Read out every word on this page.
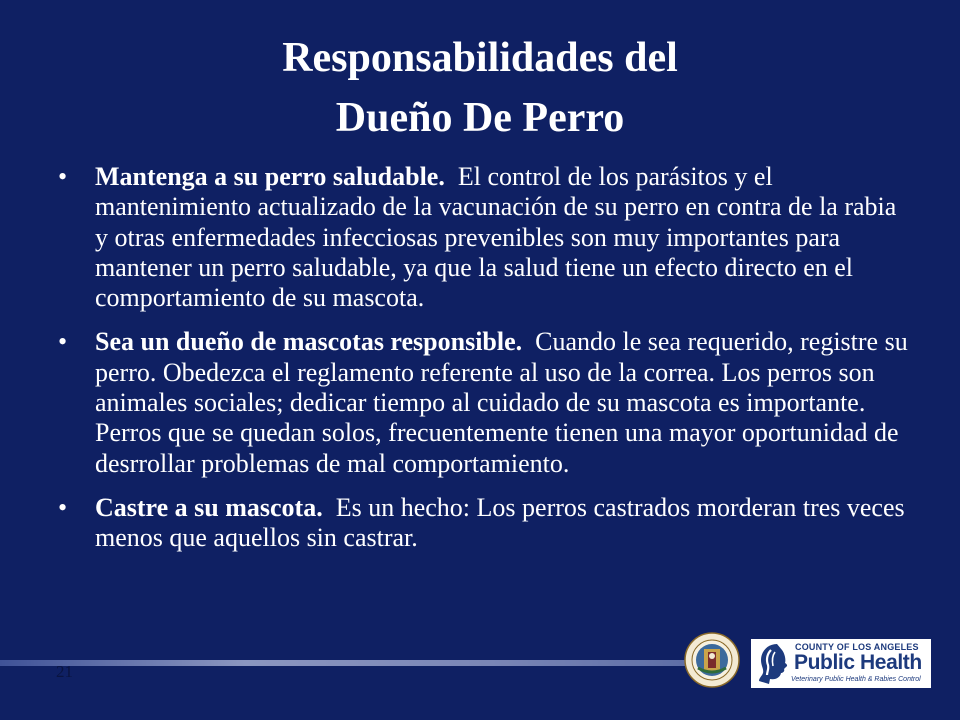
Responsabilidades del
Dueño De Perro
• Mantenga a su perro saludable. El control de los parásitos y el mantenimiento actualizado de la vacunación de su perro en contra de la rabia y otras enfermedades infecciosas prevenibles son muy importantes para mantener un perro saludable, ya que la salud tiene un efecto directo en el comportamiento de su mascota.
• Sea un dueño de mascotas responsible. Cuando le sea requerido, registre su perro. Obedezca el reglamento referente al uso de la correa. Los perros son animales sociales; dedicar tiempo al cuidado de su mascota es importante. Perros que se quedan solos, frecuentemente tienen una mayor oportunidad de desrrollar problemas de mal comportamiento.
• Castre a su mascota. Es un hecho: Los perros castrados morderan tres veces menos que aquellos sin castrar.
21
COUNTY OF LOS ANGELES
Public Health
Veterinary Public Health & Rabies Control
